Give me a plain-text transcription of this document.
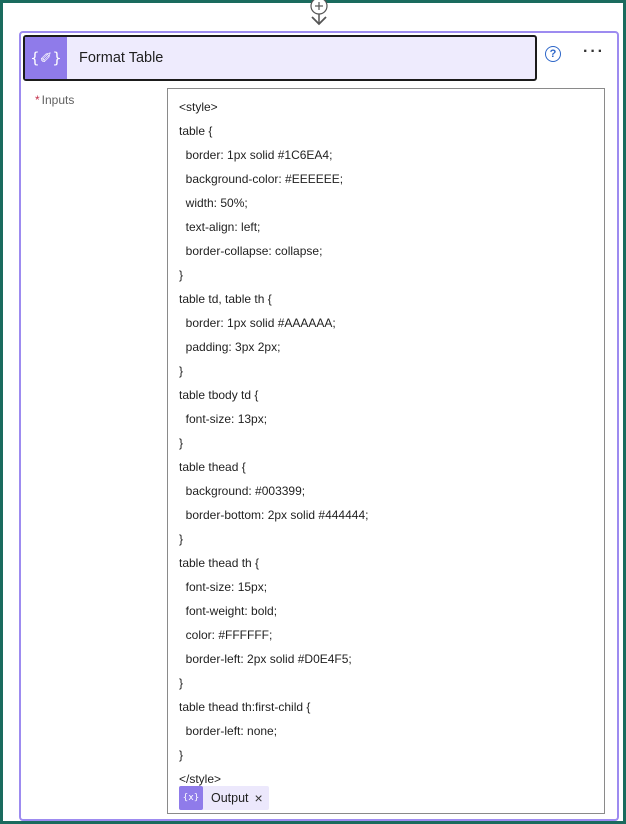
{✐} Format Table	? ···
* Inputs	<style>
table {
border: 1px solid #1C6EA4;
background-color: #EEEEEE;
width: 50%;
text-align: left;
border-collapse: collapse;
}
table td, table th {
border: 1px solid #AAAAAA;
padding: 3px 2px;
}
table tbody td {
font-size: 13px;
}
table thead {
background: #003399;
border-bottom: 2px solid #444444;
}
table thead th {
font-size: 15px;
font-weight: bold;
color: #FFFFFF;
border-left: 2px solid #D0E4F5;
}
table thead th:first-child {
border-left: none;
}
</style>
{x} Output ×
